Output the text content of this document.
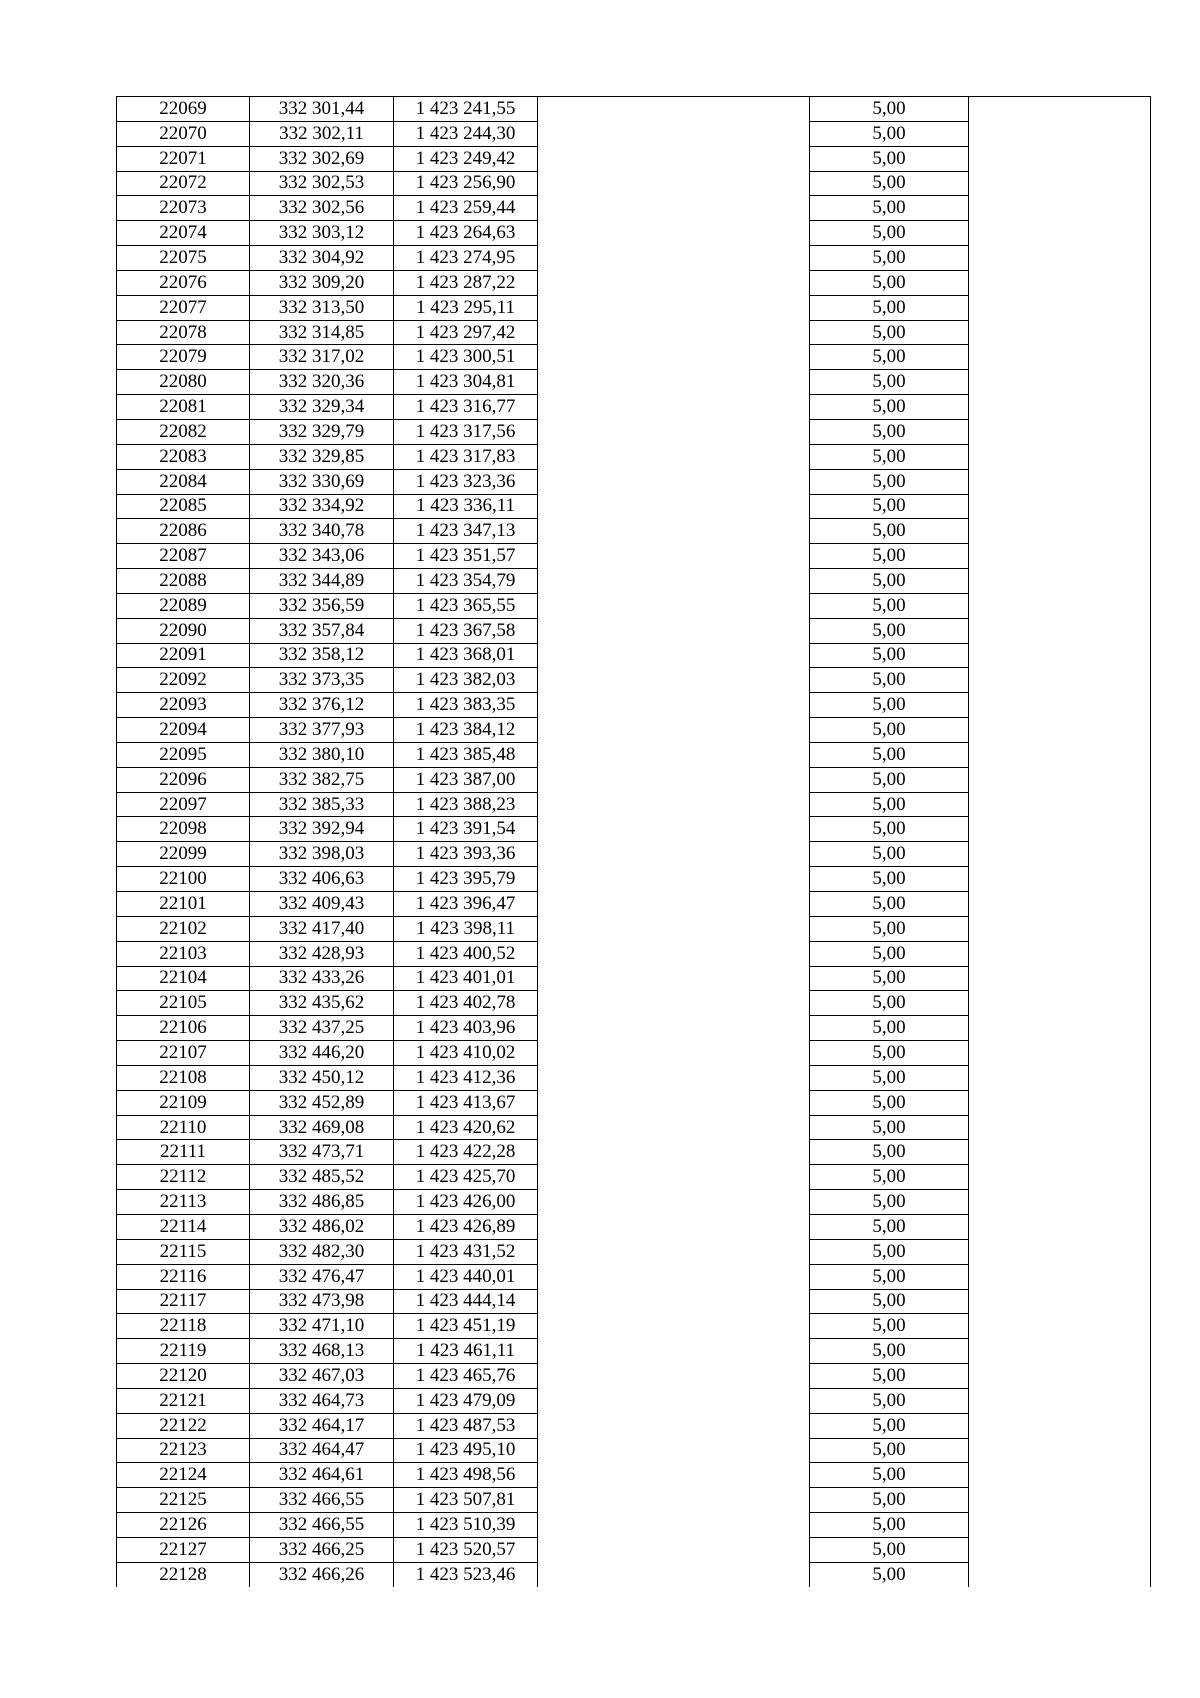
22069	332 301,44	1 423 241,55		5,00	
22070	332 302,11	1 423 244,30		5,00	
22071	332 302,69	1 423 249,42		5,00	
22072	332 302,53	1 423 256,90		5,00	
22073	332 302,56	1 423 259,44		5,00	
22074	332 303,12	1 423 264,63		5,00	
22075	332 304,92	1 423 274,95		5,00	
22076	332 309,20	1 423 287,22		5,00	
22077	332 313,50	1 423 295,11		5,00	
22078	332 314,85	1 423 297,42		5,00	
22079	332 317,02	1 423 300,51		5,00	
22080	332 320,36	1 423 304,81		5,00	
22081	332 329,34	1 423 316,77		5,00	
22082	332 329,79	1 423 317,56		5,00	
22083	332 329,85	1 423 317,83		5,00	
22084	332 330,69	1 423 323,36		5,00	
22085	332 334,92	1 423 336,11		5,00	
22086	332 340,78	1 423 347,13		5,00	
22087	332 343,06	1 423 351,57		5,00	
22088	332 344,89	1 423 354,79		5,00	
22089	332 356,59	1 423 365,55		5,00	
22090	332 357,84	1 423 367,58		5,00	
22091	332 358,12	1 423 368,01		5,00	
22092	332 373,35	1 423 382,03		5,00	
22093	332 376,12	1 423 383,35		5,00	
22094	332 377,93	1 423 384,12		5,00	
22095	332 380,10	1 423 385,48		5,00	
22096	332 382,75	1 423 387,00		5,00	
22097	332 385,33	1 423 388,23		5,00	
22098	332 392,94	1 423 391,54		5,00	
22099	332 398,03	1 423 393,36		5,00	
22100	332 406,63	1 423 395,79		5,00	
22101	332 409,43	1 423 396,47		5,00	
22102	332 417,40	1 423 398,11		5,00	
22103	332 428,93	1 423 400,52		5,00	
22104	332 433,26	1 423 401,01		5,00	
22105	332 435,62	1 423 402,78		5,00	
22106	332 437,25	1 423 403,96		5,00	
22107	332 446,20	1 423 410,02		5,00	
22108	332 450,12	1 423 412,36		5,00	
22109	332 452,89	1 423 413,67		5,00	
22110	332 469,08	1 423 420,62		5,00	
22111	332 473,71	1 423 422,28		5,00	
22112	332 485,52	1 423 425,70		5,00	
22113	332 486,85	1 423 426,00		5,00	
22114	332 486,02	1 423 426,89		5,00	
22115	332 482,30	1 423 431,52		5,00	
22116	332 476,47	1 423 440,01		5,00	
22117	332 473,98	1 423 444,14		5,00	
22118	332 471,10	1 423 451,19		5,00	
22119	332 468,13	1 423 461,11		5,00	
22120	332 467,03	1 423 465,76		5,00	
22121	332 464,73	1 423 479,09		5,00	
22122	332 464,17	1 423 487,53		5,00	
22123	332 464,47	1 423 495,10		5,00	
22124	332 464,61	1 423 498,56		5,00	
22125	332 466,55	1 423 507,81		5,00	
22126	332 466,55	1 423 510,39		5,00	
22127	332 466,25	1 423 520,57		5,00	
22128	332 466,26	1 423 523,46		5,00	
